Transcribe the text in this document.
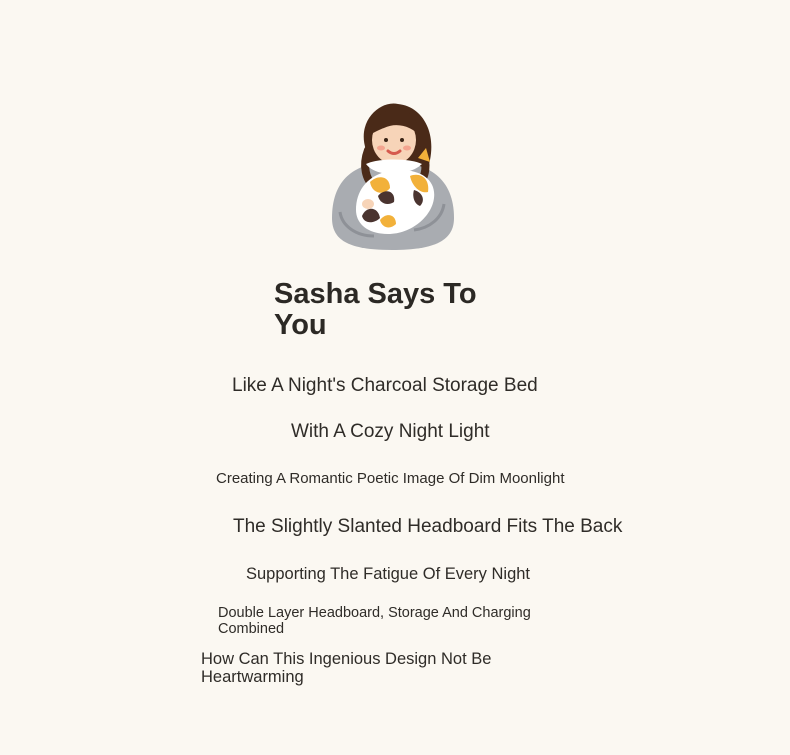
Sasha Says To You

Like A Night's Charcoal Storage Bed

With A Cozy Night Light

Creating A Romantic Poetic Image Of Dim Moonlight

The Slightly Slanted Headboard Fits The Back

Supporting The Fatigue Of Every Night

Double Layer Headboard, Storage And Charging Combined

How Can This Ingenious Design Not Be Heartwarming
